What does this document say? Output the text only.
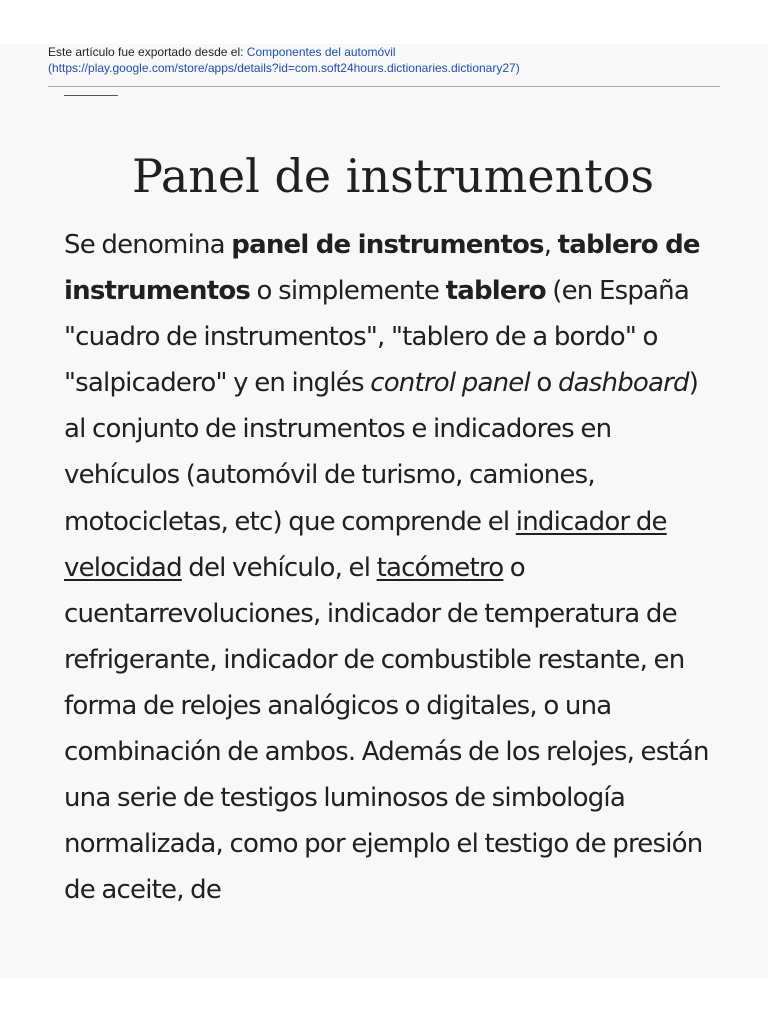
Este artículo fue exportado desde el: Componentes del automóvil
(https://play.google.com/store/apps/details?id=com.soft24hours.dictionaries.dictionary27)
Panel de instrumentos

Se denomina panel de instrumentos, tablero de instrumentos o simplemente tablero (en España "cuadro de instrumentos", "tablero de a bordo" o "salpicadero" y en inglés control panel o dashboard) al conjunto de instrumentos e indicadores en vehículos (automóvil de turismo, camiones, motocicletas, etc) que comprende el indicador de velocidad del vehículo, el tacómetro o cuentarrevoluciones, indicador de temperatura de refrigerante, indicador de combustible restante, en forma de relojes analógicos o digitales, o una combinación de ambos. Además de los relojes, están una serie de testigos luminosos de simbología normalizada, como por ejemplo el testigo de presión de aceite, de
